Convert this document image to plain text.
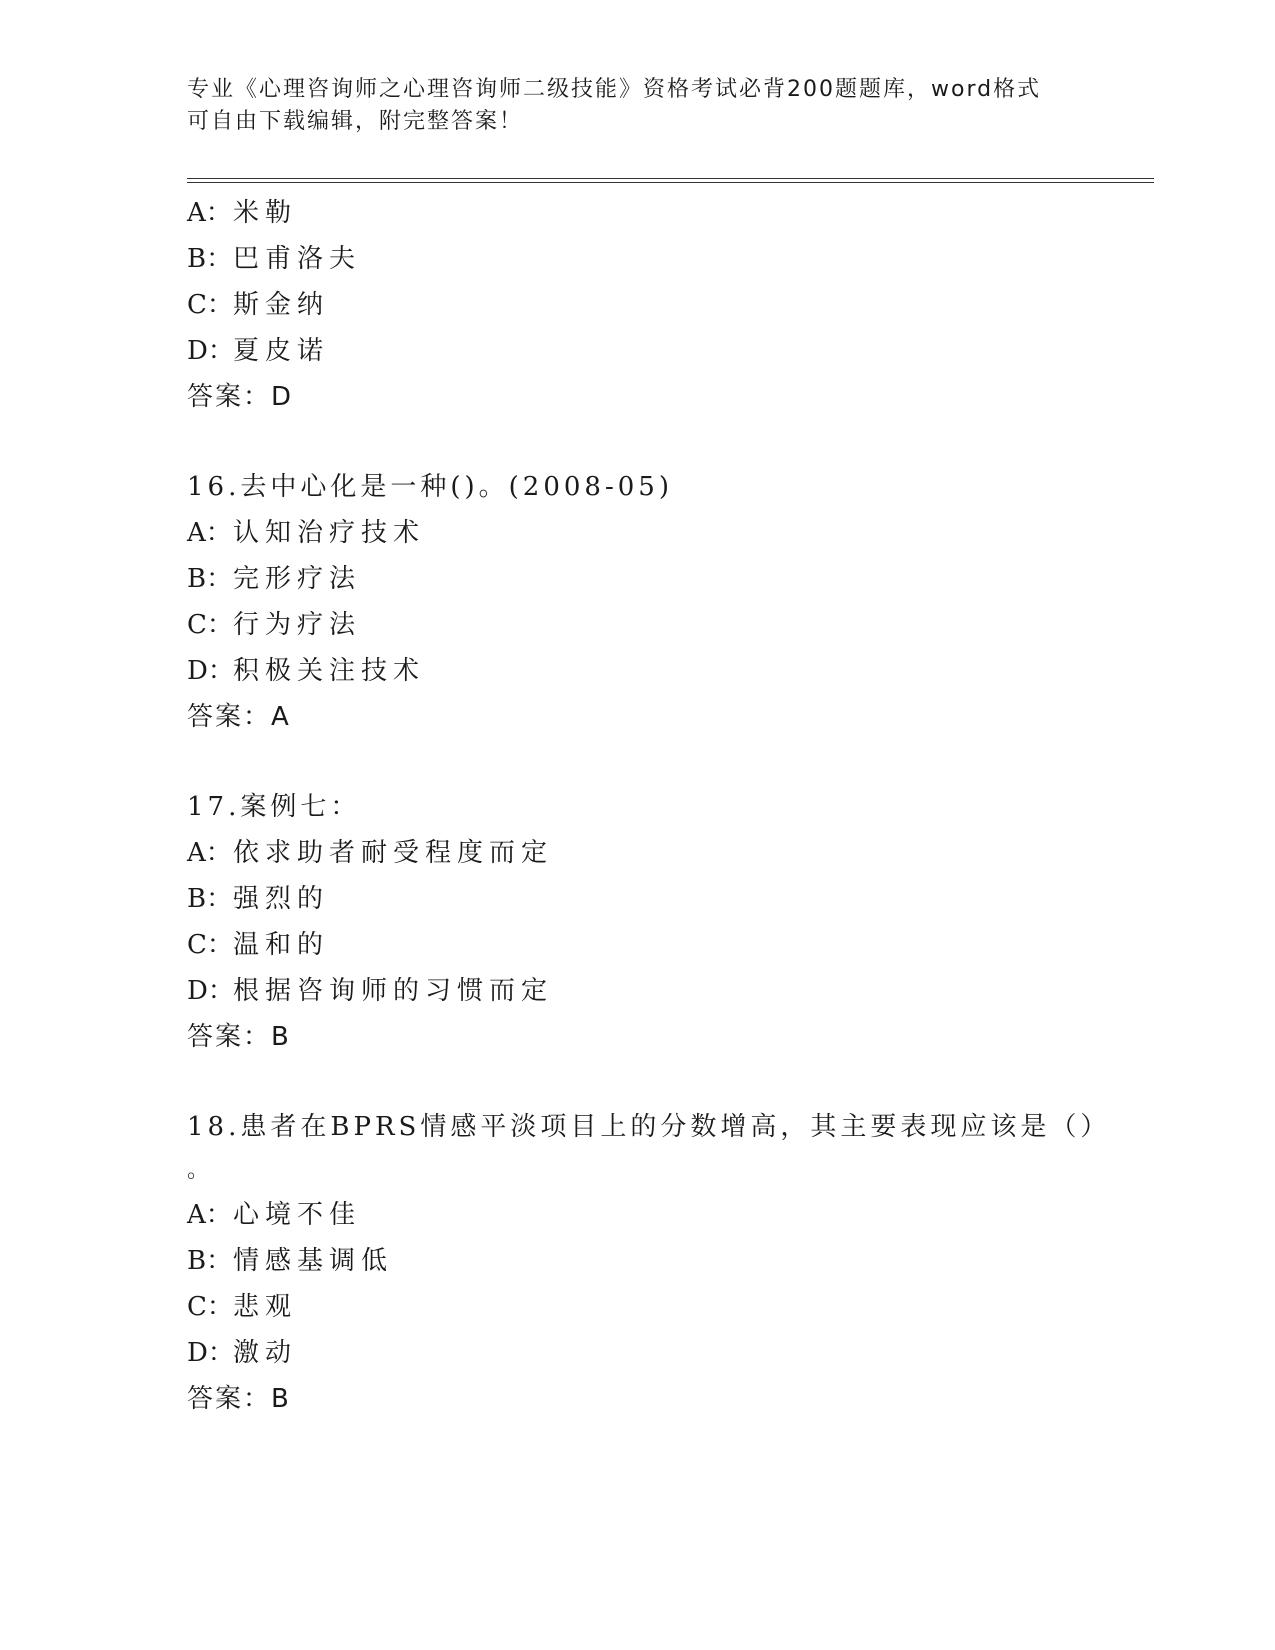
专业《心理咨询师之心理咨询师二级技能》资格考试必背200题题库，word格式
可自由下载编辑，附完整答案！
A：米勒
B：巴甫洛夫
C：斯金纳
D：夏皮诺
答案：D
16.去中心化是一种()。(2008-05)
A：认知治疗技术
B：完形疗法
C：行为疗法
D：积极关注技术
答案：A
17.案例七：
A：依求助者耐受程度而定
B：强烈的
C：温和的
D：根据咨询师的习惯而定
答案：B
18.患者在BPRS情感平淡项目上的分数增高，其主要表现应该是（）
。
A：心境不佳
B：情感基调低
C：悲观
D：激动
答案：B
